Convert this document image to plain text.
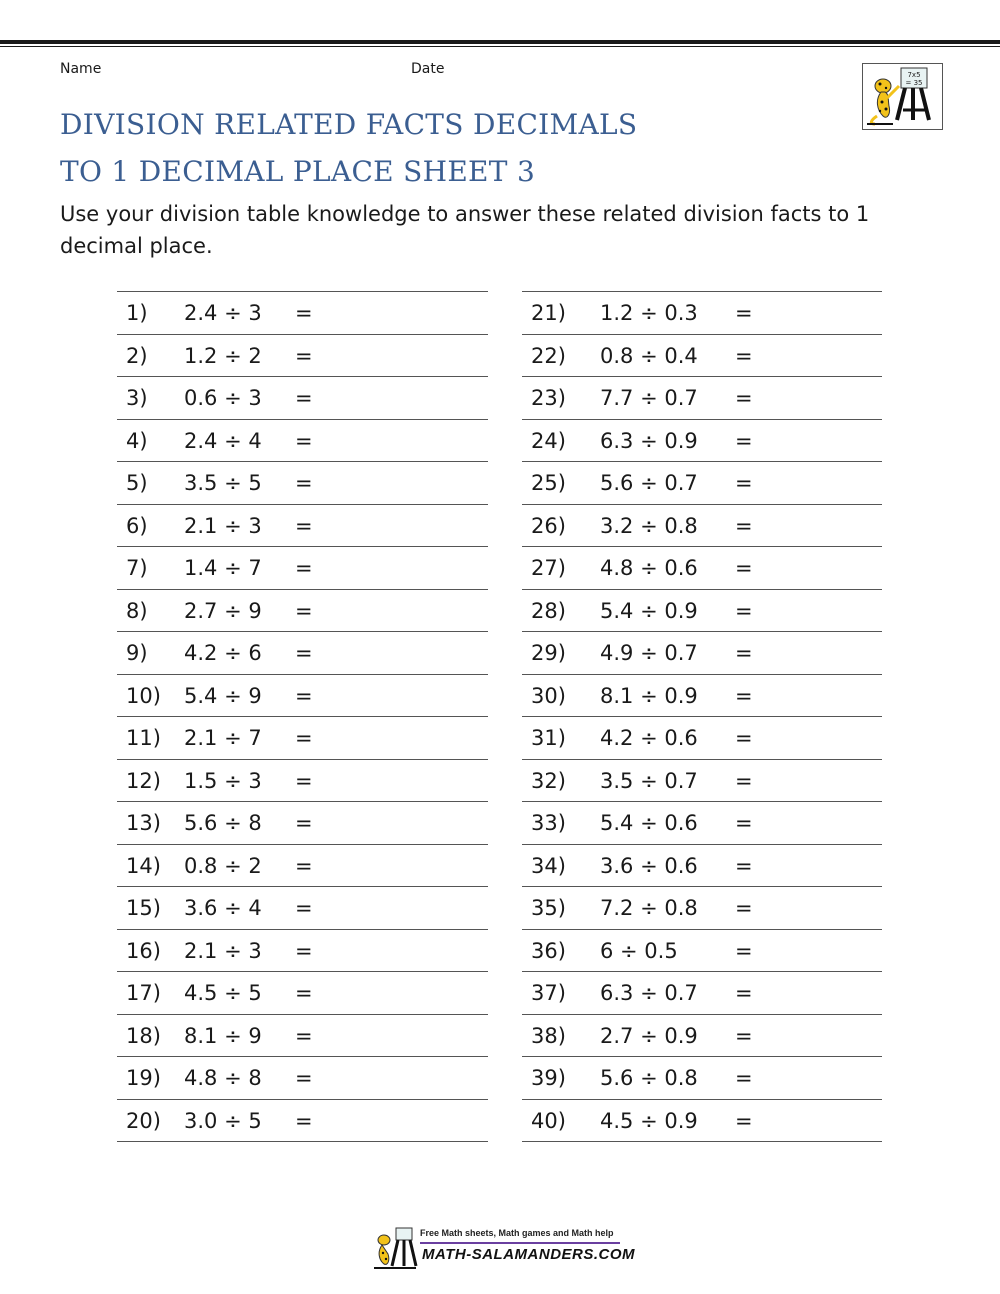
Name	Date	7x5
= 35
DIVISION RELATED FACTS DECIMALS
TO 1 DECIMAL PLACE SHEET 3
Use your division table knowledge to answer these related division facts to 1 decimal place.
1) 2.4 ÷ 3 =
2) 1.2 ÷ 2 =
3) 0.6 ÷ 3 =
4) 2.4 ÷ 4 =
5) 3.5 ÷ 5 =
6) 2.1 ÷ 3 =
7) 1.4 ÷ 7 =
8) 2.7 ÷ 9 =
9) 4.2 ÷ 6 =
10) 5.4 ÷ 9 =
11) 2.1 ÷ 7 =
12) 1.5 ÷ 3 =
13) 5.6 ÷ 8 =
14) 0.8 ÷ 2 =
15) 3.6 ÷ 4 =
16) 2.1 ÷ 3 =
17) 4.5 ÷ 5 =
18) 8.1 ÷ 9 =
19) 4.8 ÷ 8 =
20) 3.0 ÷ 5 =
21) 1.2 ÷ 0.3 =
22) 0.8 ÷ 0.4 =
23) 7.7 ÷ 0.7 =
24) 6.3 ÷ 0.9 =
25) 5.6 ÷ 0.7 =
26) 3.2 ÷ 0.8 =
27) 4.8 ÷ 0.6 =
28) 5.4 ÷ 0.9 =
29) 4.9 ÷ 0.7 =
30) 8.1 ÷ 0.9 =
31) 4.2 ÷ 0.6 =
32) 3.5 ÷ 0.7 =
33) 5.4 ÷ 0.6 =
34) 3.6 ÷ 0.6 =
35) 7.2 ÷ 0.8 =
36) 6 ÷ 0.5	=
37) 6.3 ÷ 0.7 =
38) 2.7 ÷ 0.9 =
39) 5.6 ÷ 0.8 =
40) 4.5 ÷ 0.9 =
Free Math sheets, Math games and Math help
MATH-SALAMANDERS.COM
